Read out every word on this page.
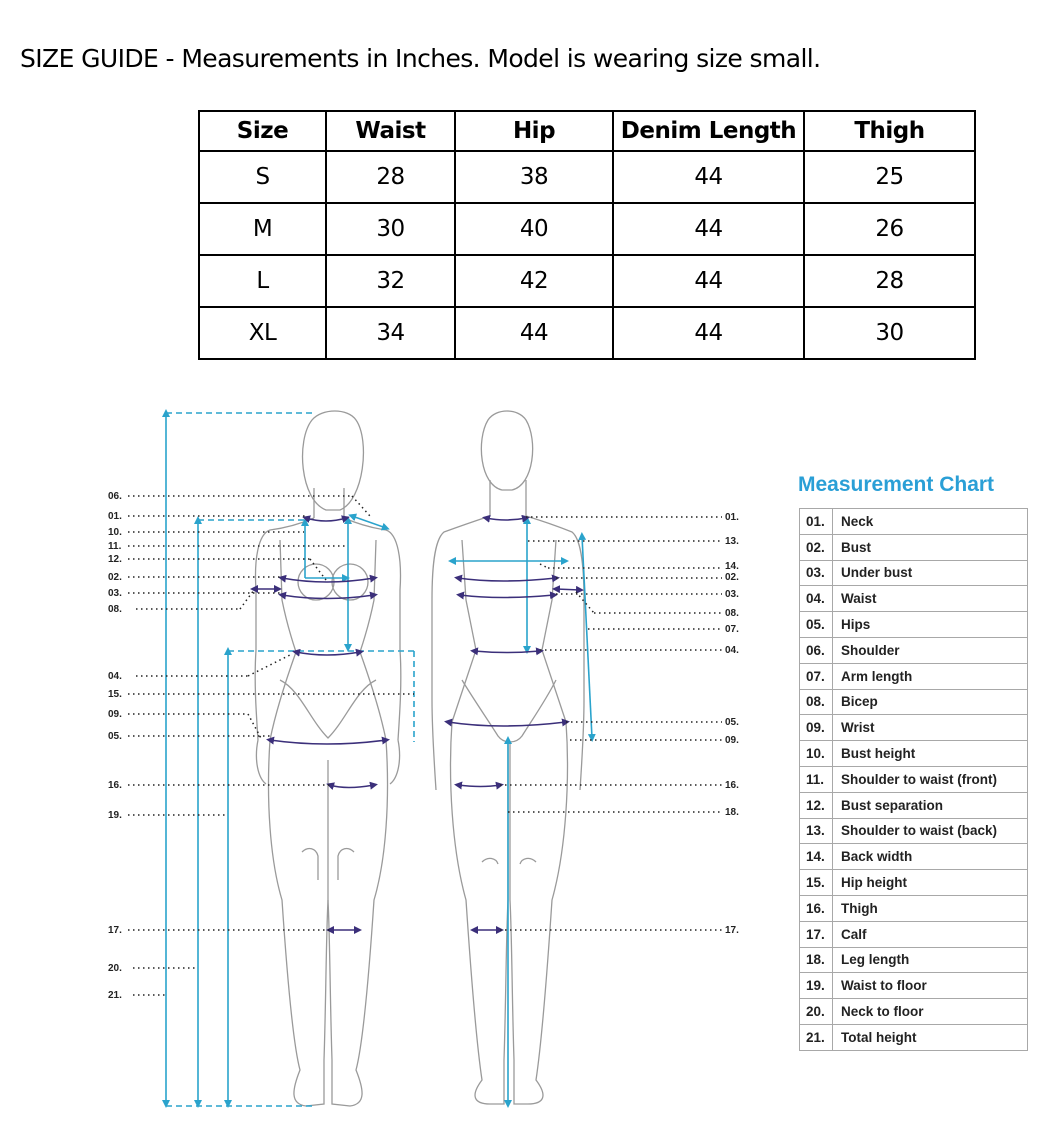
SIZE GUIDE - Measurements in Inches. Model is wearing size small.
Size	Waist	Hip	Denim Length	Thigh
S	28	38	44	25
M	30	40	44	26
L	32	42	44	28
XL	34	44	44	30
06.
01.
10.
11.
12.
02.
03.
08.
04.
15.
09.
05.
16.
19.
17.
20.
21.
01.
13.
14.
02.
03.
08.
07.
04.
05.
09.
16.
18.
17.
Measurement Chart
01.	Neck
02.	Bust
03.	Under bust
04.	Waist
05.	Hips
06.	Shoulder
07.	Arm length
08.	Bicep
09.	Wrist
10.	Bust height
11.	Shoulder to waist (front)
12.	Bust separation
13.	Shoulder to waist (back)
14.	Back width
15.	Hip height
16.	Thigh
17.	Calf
18.	Leg length
19.	Waist to floor
20.	Neck to floor
21.	Total height
